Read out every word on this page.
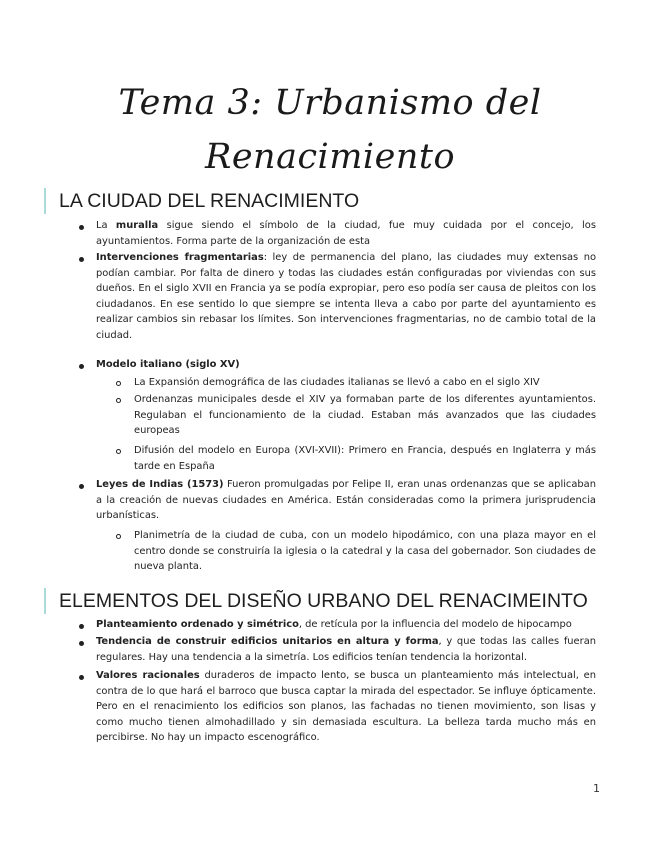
Tema 3: Urbanismo del
Renacimiento
LA CIUDAD DEL RENACIMIENTO
La muralla sigue siendo el símbolo de la ciudad, fue muy cuidada por el concejo, los ayuntamientos. Forma parte de la organización de esta
Intervenciones fragmentarias: ley de permanencia del plano, las ciudades muy extensas no podían cambiar. Por falta de dinero y todas las ciudades están configuradas por viviendas con sus dueños. En el siglo XVII en Francia ya se podía expropiar, pero eso podía ser causa de pleitos con los ciudadanos. En ese sentido lo que siempre se intenta lleva a cabo por parte del ayuntamiento es realizar cambios sin rebasar los límites. Son intervenciones fragmentarias, no de cambio total de la ciudad.
Modelo italiano (siglo XV)
La Expansión demográfica de las ciudades italianas se llevó a cabo en el siglo XIV
Ordenanzas municipales desde el XIV ya formaban parte de los diferentes ayuntamientos. Regulaban el funcionamiento de la ciudad. Estaban más avanzados que las ciudades europeas
Difusión del modelo en Europa (XVI-XVII): Primero en Francia, después en Inglaterra y más tarde en España
Leyes de Indias (1573) Fueron promulgadas por Felipe II, eran unas ordenanzas que se aplicaban a la creación de nuevas ciudades en América. Están consideradas como la primera jurisprudencia urbanísticas.
Planimetría de la ciudad de cuba, con un modelo hipodámico, con una plaza mayor en el centro donde se construiría la iglesia o la catedral y la casa del gobernador. Son ciudades de nueva planta.
ELEMENTOS DEL DISEÑO URBANO DEL RENACIMEINTO
Planteamiento ordenado y simétrico, de retícula por la influencia del modelo de hipocampo
Tendencia de construir edificios unitarios en altura y forma, y que todas las calles fueran regulares. Hay una tendencia a la simetría. Los edificios tenían tendencia la horizontal.
Valores racionales duraderos de impacto lento, se busca un planteamiento más intelectual, en contra de lo que hará el barroco que busca captar la mirada del espectador. Se influye ópticamente. Pero en el renacimiento los edificios son planos, las fachadas no tienen movimiento, son lisas y como mucho tienen almohadillado y sin demasiada escultura. La belleza tarda mucho más en percibirse. No hay un impacto escenográfico.
1
